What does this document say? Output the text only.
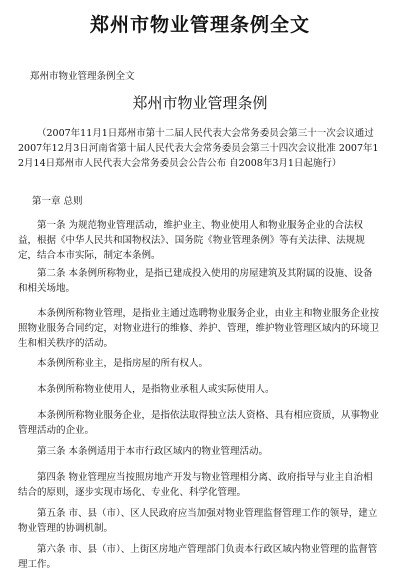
郑州市物业管理条例全文
郑州市物业管理条例全文
郑州市物业管理条例

（2007年11月1日郑州市第十二届人民代表大会常务委员会第三十一次会议通过 2007年12月3日河南省第十届人民代表大会常务委员会第三十四次会议批准 2007年12月14日郑州市人民代表大会常务委员会公告公布 自2008年3月1日起施行）

第一章 总则

第一条 为规范物业管理活动，维护业主、物业使用人和物业服务企业的合法权益，根据《中华人民共和国物权法》、国务院《物业管理条例》等有关法律、法规规定，结合本市实际，制定本条例。

第二条 本条例所称物业，是指已建成投入使用的房屋建筑及其附属的设施、设备和相关场地。

本条例所称物业管理，是指业主通过选聘物业服务企业，由业主和物业服务企业按照物业服务合同约定，对物业进行的维修、养护、管理，维护物业管理区域内的环境卫生和相关秩序的活动。

本条例所称业主，是指房屋的所有权人。

本条例所称物业使用人，是指物业承租人或实际使用人。

本条例所称物业服务企业，是指依法取得独立法人资格、具有相应资质，从事物业管理活动的企业。

第三条 本条例适用于本市行政区域内的物业管理活动。

第四条 物业管理应当按照房地产开发与物业管理相分离、政府指导与业主自治相结合的原则，逐步实现市场化、专业化、科学化管理。

第五条 市、县（市）、区人民政府应当加强对物业管理监督管理工作的领导，建立物业管理的协调机制。

第六条 市、县（市）、上街区房地产管理部门负责本行政区域内物业管理的监督管理工作。
